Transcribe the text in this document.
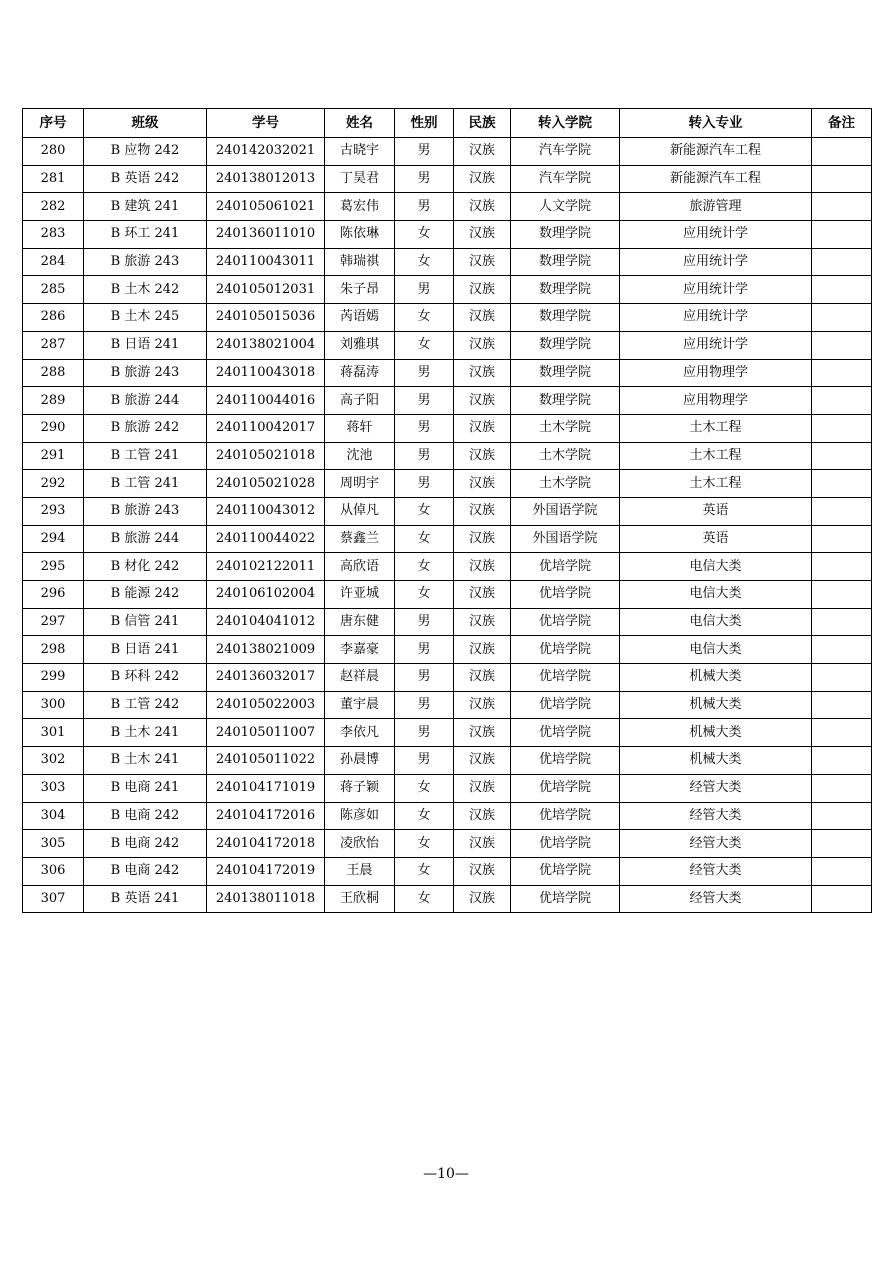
序号	班级	学号	姓名	性别	民族	转入学院	转入专业	备注
280	B 应物 242	240142032021	古晓宇	男	汉族	汽车学院	新能源汽车工程	
281	B 英语 242	240138012013	丁昊君	男	汉族	汽车学院	新能源汽车工程	
282	B 建筑 241	240105061021	葛宏伟	男	汉族	人文学院	旅游管理	
283	B 环工 241	240136011010	陈依琳	女	汉族	数理学院	应用统计学	
284	B 旅游 243	240110043011	韩瑞祺	女	汉族	数理学院	应用统计学	
285	B 土木 242	240105012031	朱子昂	男	汉族	数理学院	应用统计学	
286	B 土木 245	240105015036	芮语嫣	女	汉族	数理学院	应用统计学	
287	B 日语 241	240138021004	刘雅琪	女	汉族	数理学院	应用统计学	
288	B 旅游 243	240110043018	蒋磊涛	男	汉族	数理学院	应用物理学	
289	B 旅游 244	240110044016	高子阳	男	汉族	数理学院	应用物理学	
290	B 旅游 242	240110042017	蒋轩	男	汉族	土木学院	土木工程	
291	B 工管 241	240105021018	沈池	男	汉族	土木学院	土木工程	
292	B 工管 241	240105021028	周明宇	男	汉族	土木学院	土木工程	
293	B 旅游 243	240110043012	从倬凡	女	汉族	外国语学院	英语	
294	B 旅游 244	240110044022	蔡鑫兰	女	汉族	外国语学院	英语	
295	B 材化 242	240102122011	高欣语	女	汉族	优培学院	电信大类	
296	B 能源 242	240106102004	许亚城	女	汉族	优培学院	电信大类	
297	B 信管 241	240104041012	唐东健	男	汉族	优培学院	电信大类	
298	B 日语 241	240138021009	李嘉豪	男	汉族	优培学院	电信大类	
299	B 环科 242	240136032017	赵祥晨	男	汉族	优培学院	机械大类	
300	B 工管 242	240105022003	董宇晨	男	汉族	优培学院	机械大类	
301	B 土木 241	240105011007	李依凡	男	汉族	优培学院	机械大类	
302	B 土木 241	240105011022	孙晨博	男	汉族	优培学院	机械大类	
303	B 电商 241	240104171019	蒋子颖	女	汉族	优培学院	经管大类	
304	B 电商 242	240104172016	陈彦如	女	汉族	优培学院	经管大类	
305	B 电商 242	240104172018	凌欣怡	女	汉族	优培学院	经管大类	
306	B 电商 242	240104172019	王晨	女	汉族	优培学院	经管大类	
307	B 英语 241	240138011018	王欣桐	女	汉族	优培学院	经管大类	
—10—
